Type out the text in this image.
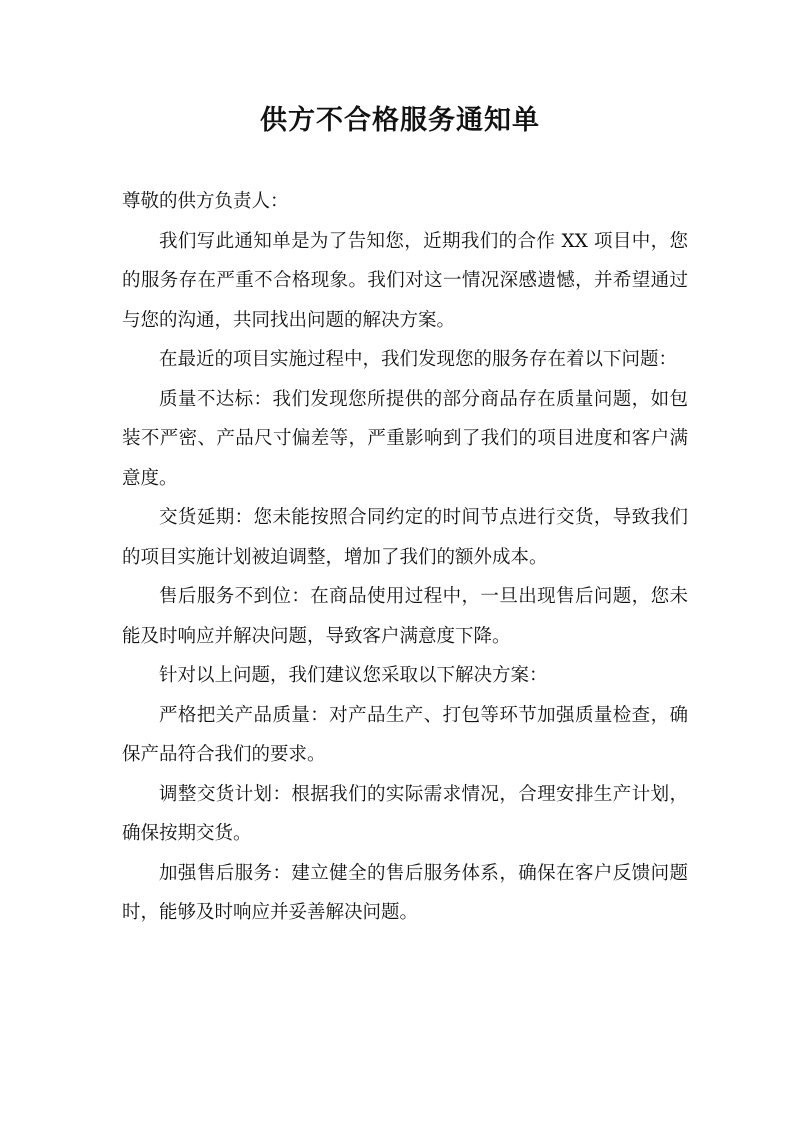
供方不合格服务通知单

尊敬的供方负责人：

我们写此通知单是为了告知您，近期我们的合作 XX 项目中，您的服务存在严重不合格现象。我们对这一情况深感遗憾，并希望通过与您的沟通，共同找出问题的解决方案。

在最近的项目实施过程中，我们发现您的服务存在着以下问题：

质量不达标：我们发现您所提供的部分商品存在质量问题，如包装不严密、产品尺寸偏差等，严重影响到了我们的项目进度和客户满意度。

交货延期：您未能按照合同约定的时间节点进行交货，导致我们的项目实施计划被迫调整，增加了我们的额外成本。

售后服务不到位：在商品使用过程中，一旦出现售后问题，您未能及时响应并解决问题，导致客户满意度下降。

针对以上问题，我们建议您采取以下解决方案：

严格把关产品质量：对产品生产、打包等环节加强质量检查，确保产品符合我们的要求。

调整交货计划：根据我们的实际需求情况，合理安排生产计划，确保按期交货。

加强售后服务：建立健全的售后服务体系，确保在客户反馈问题时，能够及时响应并妥善解决问题。
